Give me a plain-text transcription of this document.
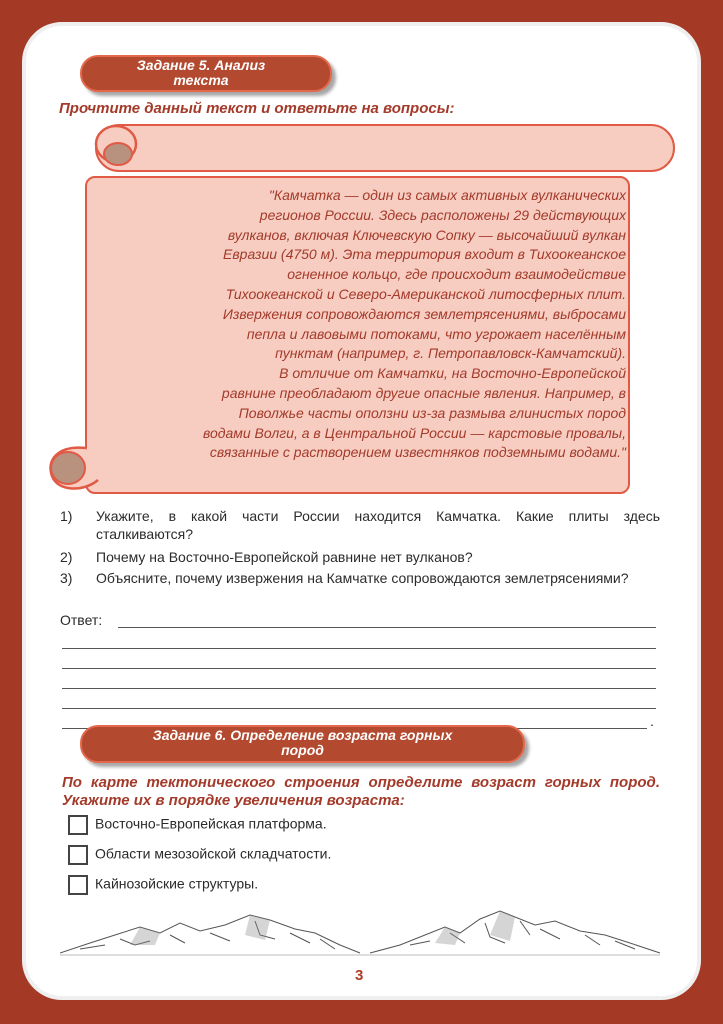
Задание 5. Анализ
текста
Прочтите данный текст и ответьте на вопросы:
"Камчатка — один из самых активных вулканических
регионов России. Здесь расположены 29 действующих
вулканов, включая Ключевскую Сопку — высочайший вулкан
Евразии (4750 м). Эта территория входит в Тихоокеанское
огненное кольцо, где происходит взаимодействие
Тихоокеанской и Северо-Американской литосферных плит.
Извержения сопровождаются землетрясениями, выбросами
пепла и лавовыми потоками, что угрожает населённым
пунктам (например, г. Петропавловск-Камчатский).
В отличие от Камчатки, на Восточно-Европейской
равнине преобладают другие опасные явления. Например, в
Поволжье часты оползни из-за размыва глинистых пород
водами Волги, а в Центральной России — карстовые провалы,
связанные с растворением известняков подземными водами."
1) Укажите, в какой части России находится Камчатка. Какие плиты здесь сталкиваются?
2) Почему на Восточно-Европейской равнине нет вулканов?
3) Объясните, почему извержения на Камчатке сопровождаются землетрясениями?
Ответ:
.
Задание 6. Определение возраста горных
пород
По карте тектонического строения определите возраст горных пород. Укажите их в порядке увеличения возраста:
Восточно-Европейская платформа.
Области мезозойской складчатости.
Кайнозойские структуры.
3
